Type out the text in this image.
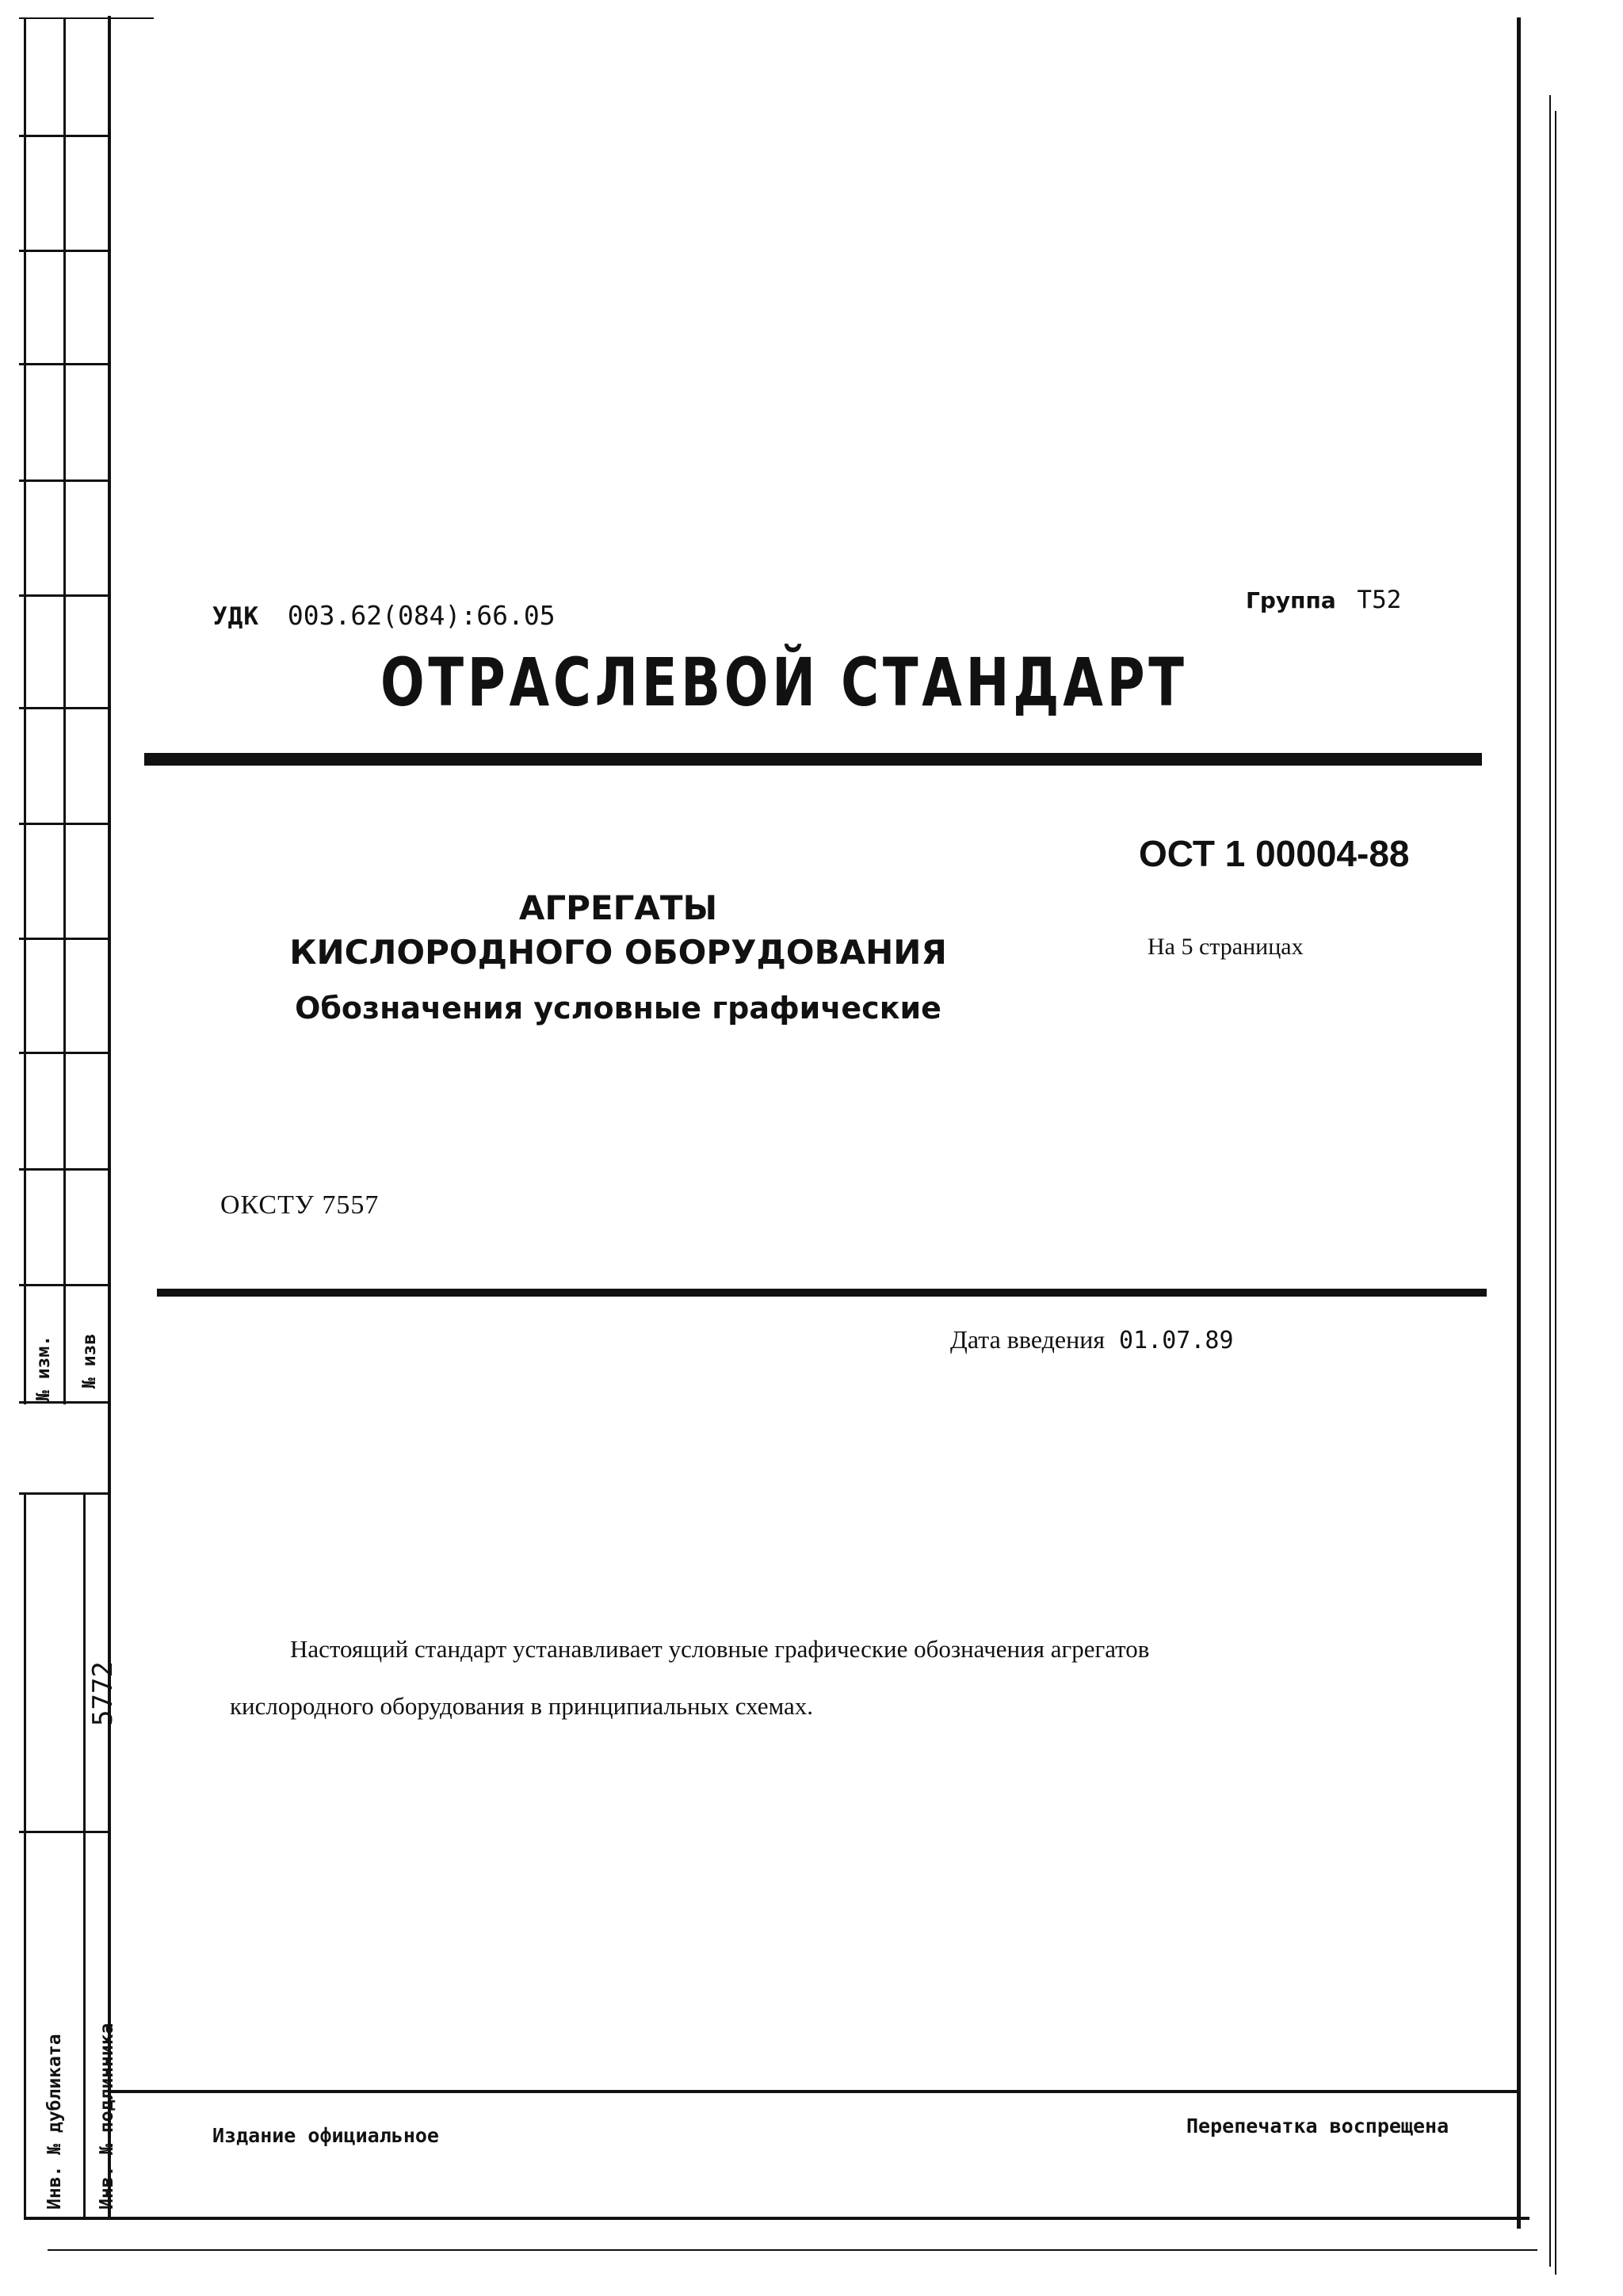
№ изм. № изв
Инв. № дубликата Инв. № подлинника
5772
УДК 003.62(084):66.05	Группа Т52
ОТРАСЛЕВОЙ СТАНДАРТ
ОСТ 1 00004-88
На 5 страницах
АГРЕГАТЫ
КИСЛОРОДНОГО ОБОРУДОВАНИЯ
Обозначения условные графические
ОКСТУ 7557
Дата введения 01.07.89
Настоящий стандарт устанавливает условные графические обозначения агрегатов
кислородного оборудования в принципиальных схемах.
Издание официальное	Перепечатка воспрещена
